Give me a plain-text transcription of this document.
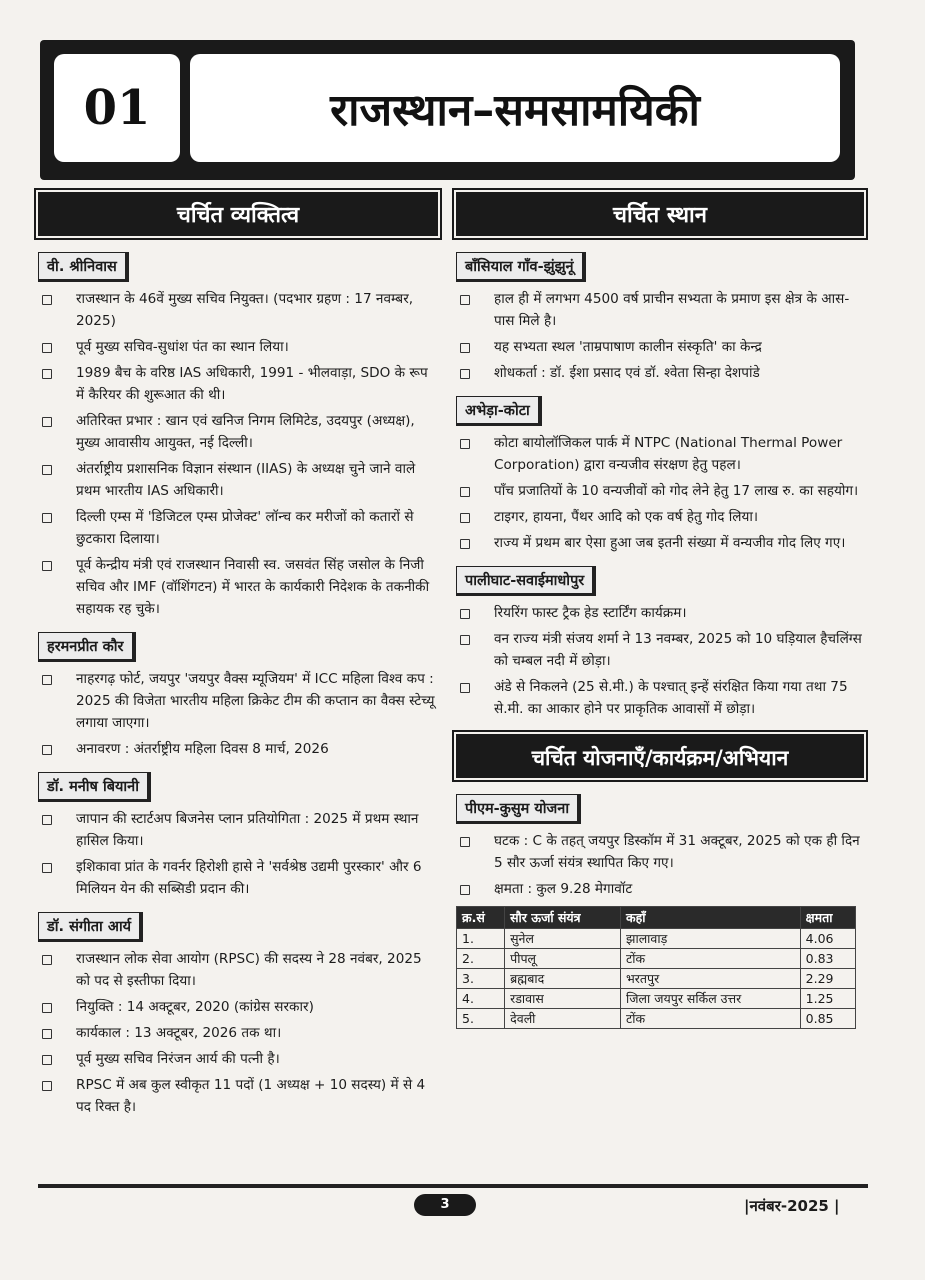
01	राजस्थान–समसामयिकी
चर्चित व्यक्तित्व
वी. श्रीनिवास
राजस्थान के 46वें मुख्य सचिव नियुक्त। (पदभार ग्रहण : 17 नवम्बर, 2025)
पूर्व मुख्य सचिव-सुधांश पंत का स्थान लिया।
1989 बैच के वरिष्ठ IAS अधिकारी, 1991 - भीलवाड़ा, SDO के रूप में कैरियर की शुरूआत की थी।
अतिरिक्त प्रभार : खान एवं खनिज निगम लिमिटेड, उदयपुर (अध्यक्ष), मुख्य आवासीय आयुक्त, नई दिल्ली।
अंतर्राष्ट्रीय प्रशासनिक विज्ञान संस्थान (IIAS) के अध्यक्ष चुने जाने वाले प्रथम भारतीय IAS अधिकारी।
दिल्ली एम्स में 'डिजिटल एम्स प्रोजेक्ट' लॉन्च कर मरीजों को कतारों से छुटकारा दिलाया।
पूर्व केन्द्रीय मंत्री एवं राजस्थान निवासी स्व. जसवंत सिंह जसोल के निजी सचिव और IMF (वॉशिंगटन) में भारत के कार्यकारी निदेशक के तकनीकी सहायक रह चुके।
हरमनप्रीत कौर
नाहरगढ़ फोर्ट, जयपुर 'जयपुर वैक्स म्यूजियम' में ICC महिला विश्व कप : 2025 की विजेता भारतीय महिला क्रिकेट टीम की कप्तान का वैक्स स्टेच्यू लगाया जाएगा।
अनावरण : अंतर्राष्ट्रीय महिला दिवस 8 मार्च, 2026
डॉ. मनीष बियानी
जापान की स्टार्टअप बिजनेस प्लान प्रतियोगिता : 2025 में प्रथम स्थान हासिल किया।
इशिकावा प्रांत के गवर्नर हिरोशी हासे ने 'सर्वश्रेष्ठ उद्यमी पुरस्कार' और 6 मिलियन येन की सब्सिडी प्रदान की।
डॉ. संगीता आर्य
राजस्थान लोक सेवा आयोग (RPSC) की सदस्य ने 28 नवंबर, 2025 को पद से इस्तीफा दिया।
नियुक्ति : 14 अक्टूबर, 2020 (कांग्रेस सरकार)
कार्यकाल : 13 अक्टूबर, 2026 तक था।
पूर्व मुख्य सचिव निरंजन आर्य की पत्नी है।
RPSC में अब कुल स्वीकृत 11 पदों (1 अध्यक्ष + 10 सदस्य) में से 4 पद रिक्त है।
चर्चित स्थान
बाँसियाल गाँव-झुंझुनूं
हाल ही में लगभग 4500 वर्ष प्राचीन सभ्यता के प्रमाण इस क्षेत्र के आस-पास मिले है।
यह सभ्यता स्थल 'ताम्रपाषाण कालीन संस्कृति' का केन्द्र
शोधकर्ता : डॉ. ईशा प्रसाद एवं डॉ. श्वेता सिन्हा देशपांडे
अभेड़ा-कोटा
कोटा बायोलॉजिकल पार्क में NTPC (National Thermal Power Corporation) द्वारा वन्यजीव संरक्षण हेतु पहल।
पाँच प्रजातियों के 10 वन्यजीवों को गोद लेने हेतु 17 लाख रु. का सहयोग।
टाइगर, हायना, पैंथर आदि को एक वर्ष हेतु गोद लिया।
राज्य में प्रथम बार ऐसा हुआ जब इतनी संख्या में वन्यजीव गोद लिए गए।
पालीघाट-सवाईमाधोपुर
रियरिंग फास्ट ट्रैक हेड स्टार्टिंग कार्यक्रम।
वन राज्य मंत्री संजय शर्मा ने 13 नवम्बर, 2025 को 10 घड़ियाल हैचलिंग्स को चम्बल नदी में छोड़ा।
अंडे से निकलने (25 से.मी.) के पश्चात् इन्हें संरक्षित किया गया तथा 75 से.मी. का आकार होने पर प्राकृतिक आवासों में छोड़ा।
चर्चित योजनाएँ/कार्यक्रम/अभियान
पीएम-कुसुम योजना
घटक : C के तहत् जयपुर डिस्कॉम में 31 अक्टूबर, 2025 को एक ही दिन 5 सौर ऊर्जा संयंत्र स्थापित किए गए।
क्षमता : कुल 9.28 मेगावॉट
क्र.सं	सौर ऊर्जा संयंत्र	कहाँ	क्षमता
1.	सुनेल	झालावाड़	4.06
2.	पीपलू	टोंक	0.83
3.	ब्रह्मबाद	भरतपुर	2.29
4.	रडावास	जिला जयपुर सर्किल उत्तर	1.25
5.	देवली	टोंक	0.85
3	|नवंबर-2025 |
